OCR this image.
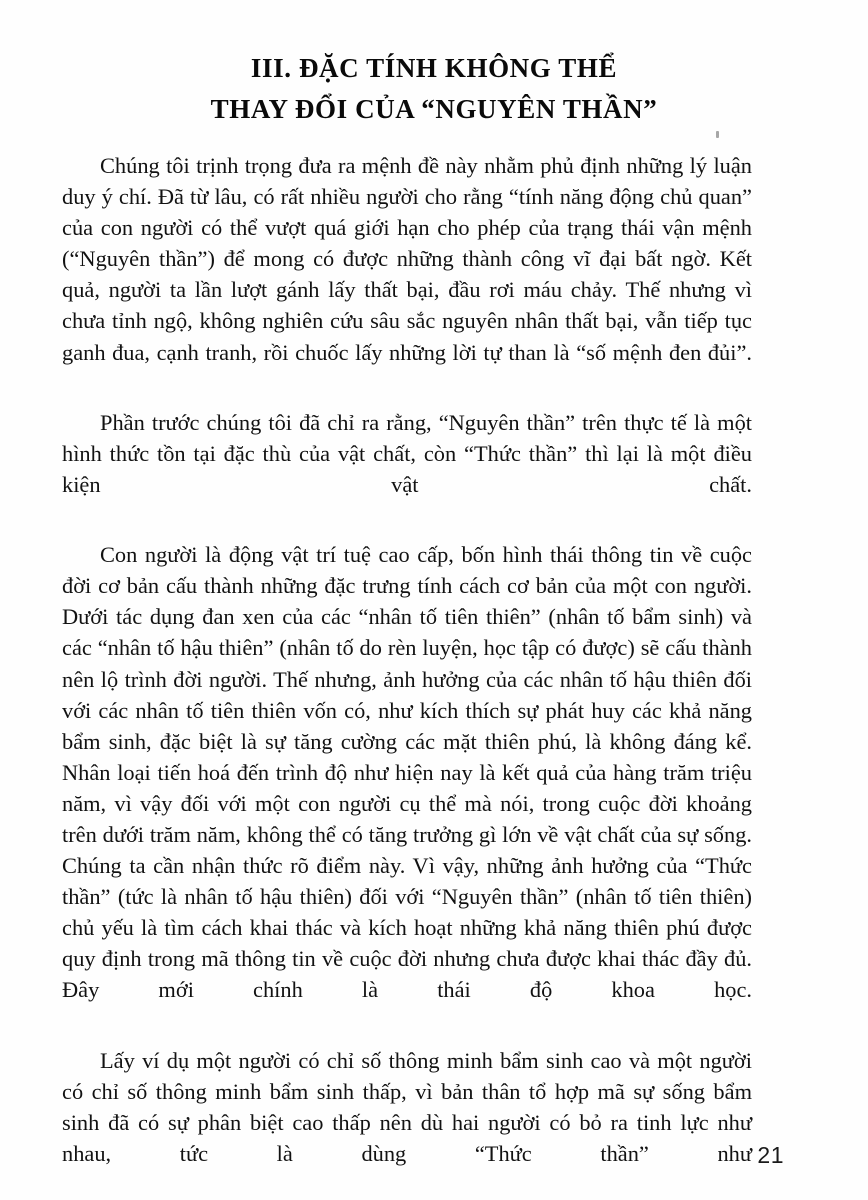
III. ĐẶC TÍNH KHÔNG THỂ
THAY ĐỔI CỦA “NGUYÊN THẦN”

Chúng tôi trịnh trọng đưa ra mệnh đề này nhằm phủ định những lý luận duy ý chí. Đã từ lâu, có rất nhiều người cho rằng “tính năng động chủ quan” của con người có thể vượt quá giới hạn cho phép của trạng thái vận mệnh (“Nguyên thần”) để mong có được những thành công vĩ đại bất ngờ. Kết quả, người ta lần lượt gánh lấy thất bại, đầu rơi máu chảy. Thế nhưng vì chưa tỉnh ngộ, không nghiên cứu sâu sắc nguyên nhân thất bại, vẫn tiếp tục ganh đua, cạnh tranh, rồi chuốc lấy những lời tự than là “số mệnh đen đủi”.

Phần trước chúng tôi đã chỉ ra rằng, “Nguyên thần” trên thực tế là một hình thức tồn tại đặc thù của vật chất, còn “Thức thần” thì lại là một điều kiện vật chất.

Con người là động vật trí tuệ cao cấp, bốn hình thái thông tin về cuộc đời cơ bản cấu thành những đặc trưng tính cách cơ bản của một con người. Dưới tác dụng đan xen của các “nhân tố tiên thiên” (nhân tố bẩm sinh) và các “nhân tố hậu thiên” (nhân tố do rèn luyện, học tập có được) sẽ cấu thành nên lộ trình đời người. Thế nhưng, ảnh hưởng của các nhân tố hậu thiên đối với các nhân tố tiên thiên vốn có, như kích thích sự phát huy các khả năng bẩm sinh, đặc biệt là sự tăng cường các mặt thiên phú, là không đáng kể. Nhân loại tiến hoá đến trình độ như hiện nay là kết quả của hàng trăm triệu năm, vì vậy đối với một con người cụ thể mà nói, trong cuộc đời khoảng trên dưới trăm năm, không thể có tăng trưởng gì lớn về vật chất của sự sống. Chúng ta cần nhận thức rõ điểm này. Vì vậy, những ảnh hưởng của “Thức thần” (tức là nhân tố hậu thiên) đối với “Nguyên thần” (nhân tố tiên thiên) chủ yếu là tìm cách khai thác và kích hoạt những khả năng thiên phú được quy định trong mã thông tin về cuộc đời nhưng chưa được khai thác đầy đủ. Đây mới chính là thái độ khoa học.

Lấy ví dụ một người có chỉ số thông minh bẩm sinh cao và một người có chỉ số thông minh bẩm sinh thấp, vì bản thân tổ hợp mã sự sống bẩm sinh đã có sự phân biệt cao thấp nên dù hai người có bỏ ra tinh lực như nhau, tức là dùng “Thức thần” như 21
